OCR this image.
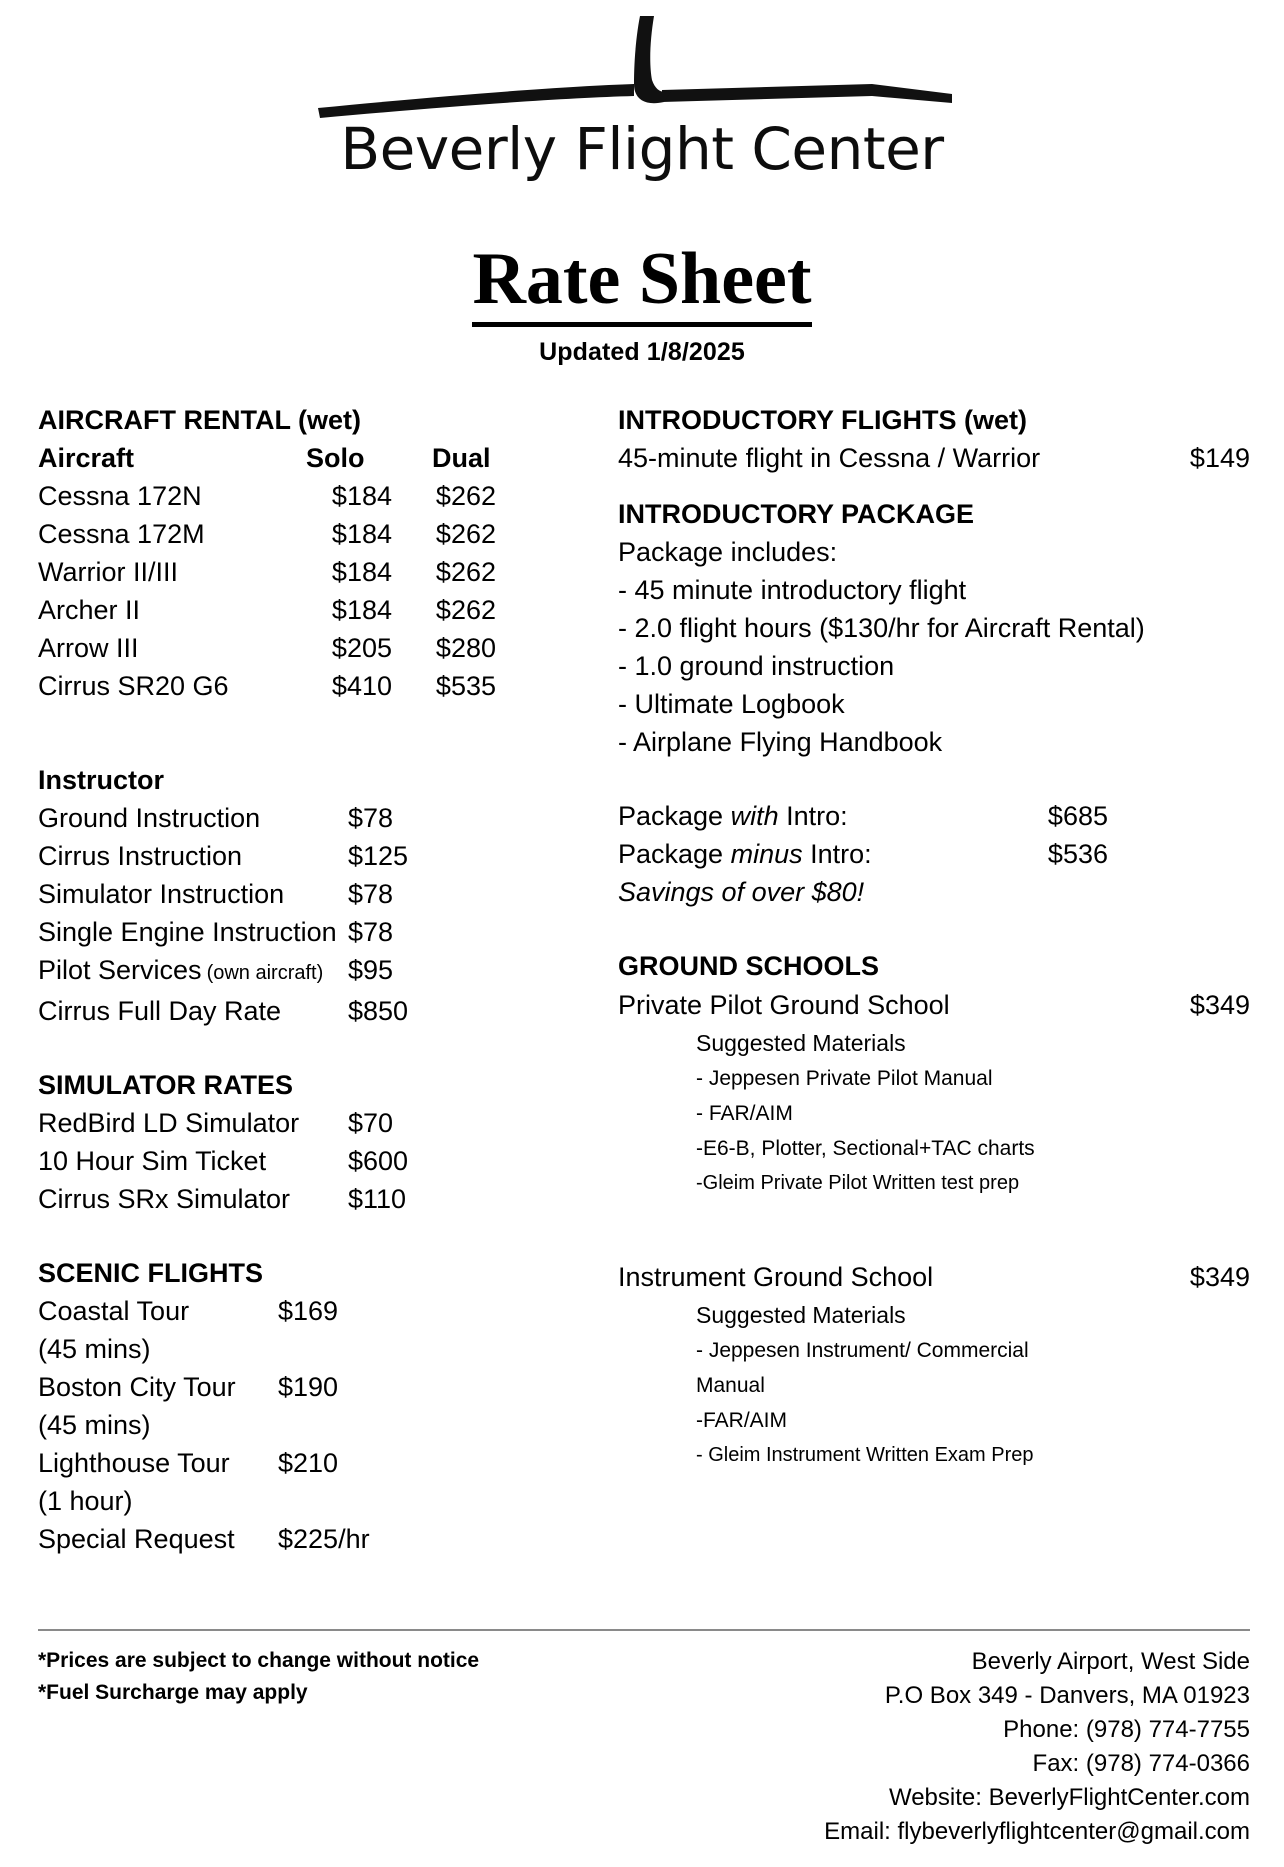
Beverly Flight Center
Rate Sheet
Updated 1/8/2025
AIRCRAFT RENTAL (wet)
Aircraft	Solo	Dual
Cessna 172N	$184	$262
Cessna 172M	$184	$262
Warrior II/III	$184	$262
Archer II	$184	$262
Arrow III	$205	$280
Cirrus SR20 G6	$410	$535
Instructor
Ground Instruction	$78
Cirrus Instruction	$125
Simulator Instruction	$78
Single Engine Instruction $78
Pilot Services (own aircraft) $95
Cirrus Full Day Rate	$850
SIMULATOR RATES
RedBird LD Simulator	$70
10 Hour Sim Ticket	$600
Cirrus SRx Simulator	$110
SCENIC FLIGHTS
Coastal Tour	$169
(45 mins)
Boston City Tour	$190
(45 mins)
Lighthouse Tour	$210
(1 hour)
Special Request	$225/hr
INTRODUCTORY FLIGHTS (wet)
45-minute flight in Cessna / Warrior	$149
INTRODUCTORY PACKAGE
Package includes:
- 45 minute introductory flight
- 2.0 flight hours ($130/hr for Aircraft Rental)
- 1.0 ground instruction
- Ultimate Logbook
- Airplane Flying Handbook
Package with Intro:	$685
Package minus Intro:	$536
Savings of over $80!
GROUND SCHOOLS
Private Pilot Ground School	$349
Suggested Materials
- Jeppesen Private Pilot Manual
- FAR/AIM
-E6-B, Plotter, Sectional+TAC charts
-Gleim Private Pilot Written test prep
Instrument Ground School	$349
Suggested Materials
- Jeppesen Instrument/ Commercial
Manual
-FAR/AIM
- Gleim Instrument Written Exam Prep
*Prices are subject to change without notice
*Fuel Surcharge may apply
Beverly Airport, West Side
P.O Box 349 - Danvers, MA 01923
Phone: (978) 774-7755
Fax: (978) 774-0366
Website: BeverlyFlightCenter.com
Email: flybeverlyflightcenter@gmail.com
